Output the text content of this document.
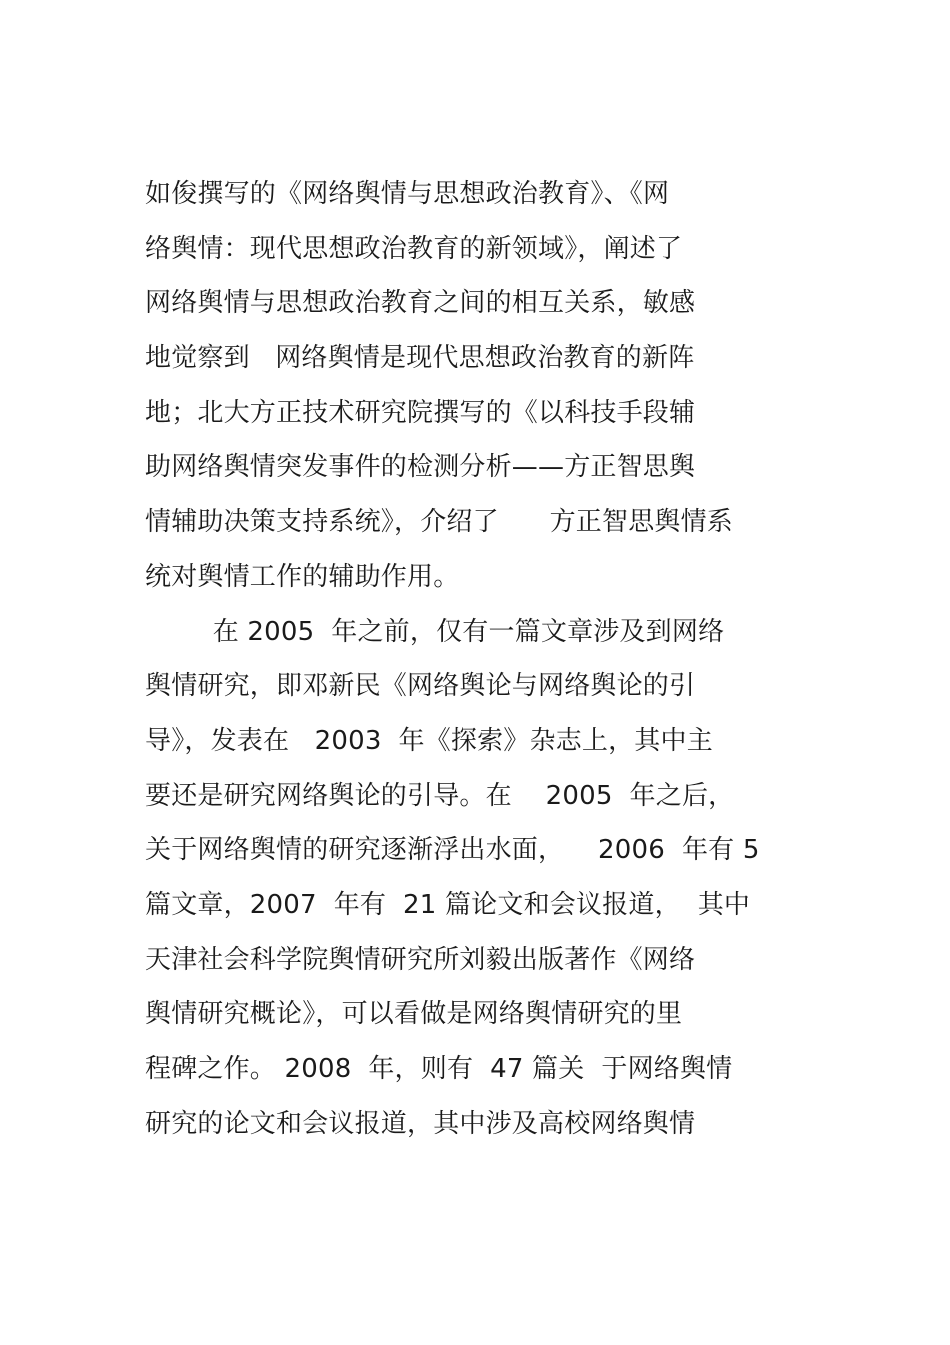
如俊撰写的《网络舆情与思想政治教育》、《网
络舆情：现代思想政治教育的新领域》，阐述了
网络舆情与思想政治教育之间的相互关系，敏感
地觉察到   网络舆情是现代思想政治教育的新阵
地；北大方正技术研究院撰写的《以科技手段辅
助网络舆情突发事件的检测分析——方正智思舆
情辅助决策支持系统》，介绍了      方正智思舆情系
统对舆情工作的辅助作用。
在 2005  年之前，仅有一篇文章涉及到网络
舆情研究，即邓新民《网络舆论与网络舆论的引
导》，发表在   2003  年《探索》杂志上，其中主
要还是研究网络舆论的引导。在    2005  年之后，
关于网络舆情的研究逐渐浮出水面，    2006  年有 5
篇文章，2007  年有  21 篇论文和会议报道，  其中
天津社会科学院舆情研究所刘毅出版著作《网络
舆情研究概论》，可以看做是网络舆情研究的里
程碑之作。 2008  年，则有  47 篇关  于网络舆情
研究的论文和会议报道，其中涉及高校网络舆情
